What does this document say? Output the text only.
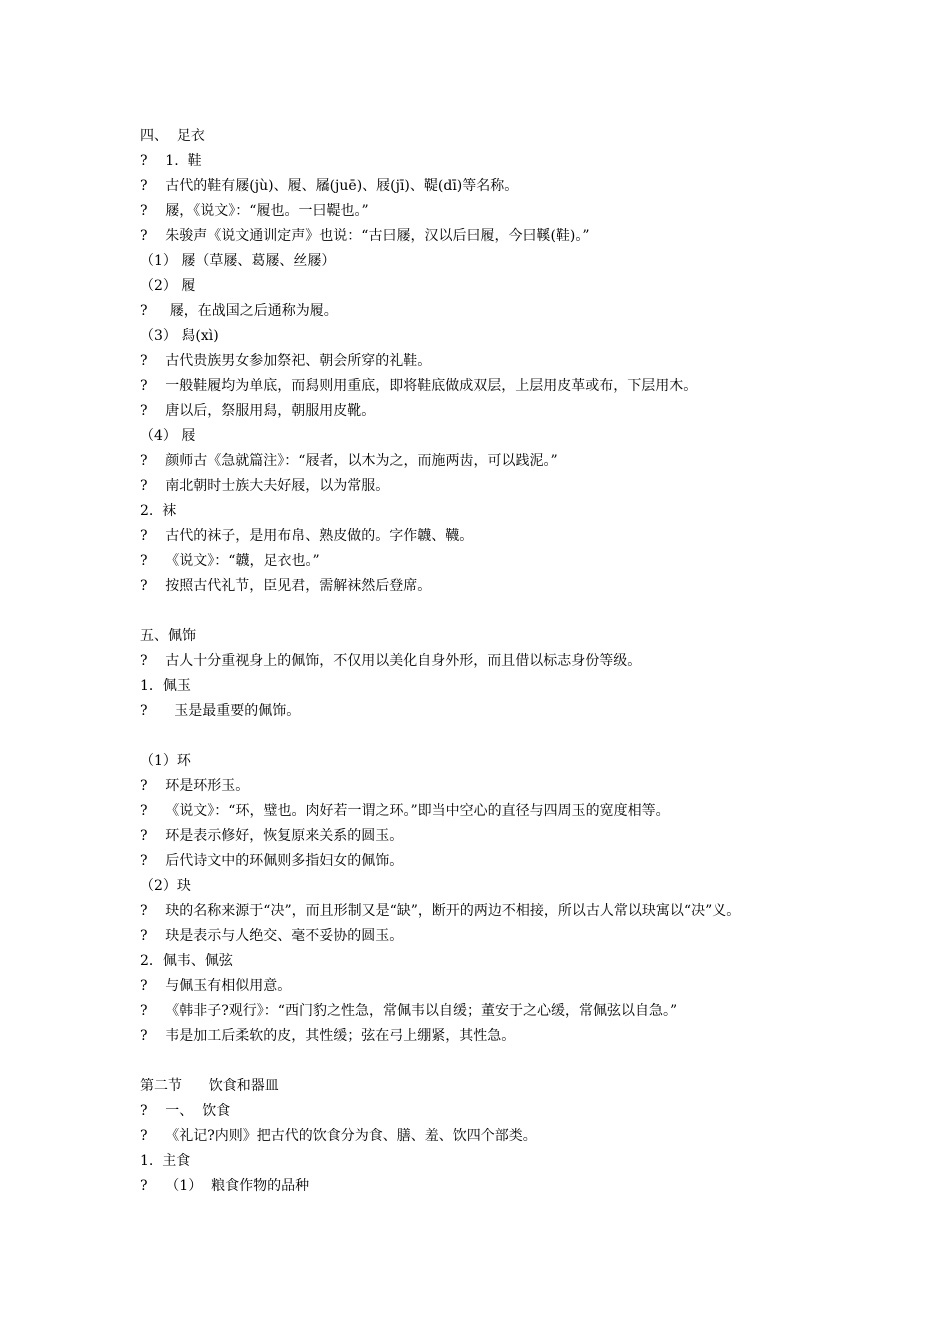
四、  足衣
?    1.  鞋
?    古代的鞋有屦(jù)、履、屩(juē)、屐(jī)、鞮(dī)等名称。
?    屦，《说文》：“履也。一曰鞮也。”
?    朱骏声《说文通训定声》也说：“古曰屦，汉以后曰履，今曰鞵(鞋)。”
（1） 屦（草屦、葛屦、丝屦）
（2） 履
?     屦，在战国之后通称为履。
（3） 舄(xì)
?    古代贵族男女参加祭祀、朝会所穿的礼鞋。
?    一般鞋履均为单底，而舄则用重底，即将鞋底做成双层，上层用皮革或布，下层用木。
?    唐以后，祭服用舄，朝服用皮靴。
（4） 屐
?    颜师古《急就篇注》：“屐者，以木为之，而施两齿，可以践泥。”
?    南北朝时士族大夫好屐，以为常服。
2.  袜
?    古代的袜子，是用布帛、熟皮做的。字作韤、韈。
?    《说文》：“韤，足衣也。”
?    按照古代礼节，臣见君，需解袜然后登席。
五、佩饰
?    古人十分重视身上的佩饰，不仅用以美化自身外形，而且借以标志身份等级。
1．佩玉
?      玉是最重要的佩饰。
（1）环
?    环是环形玉。
?    《说文》：“环，璧也。肉好若一谓之环。”即当中空心的直径与四周玉的宽度相等。
?    环是表示修好，恢复原来关系的圆玉。
?    后代诗文中的环佩则多指妇女的佩饰。
（2）玦
?    玦的名称来源于“决”，而且形制又是“缺”，断开的两边不相接，所以古人常以玦寓以“决”义。
?    玦是表示与人绝交、毫不妥协的圆玉。
2．佩韦、佩弦
?    与佩玉有相似用意。
?    《韩非子?观行》：“西门豹之性急，常佩韦以自缓；董安于之心缓，常佩弦以自急。”
?    韦是加工后柔软的皮，其性缓；弦在弓上绷紧，其性急。
第二节      饮食和器皿
?    一、  饮食
?    《礼记?内则》把古代的饮食分为食、膳、羞、饮四个部类。
1.  主食
?    （1）  粮食作物的品种
